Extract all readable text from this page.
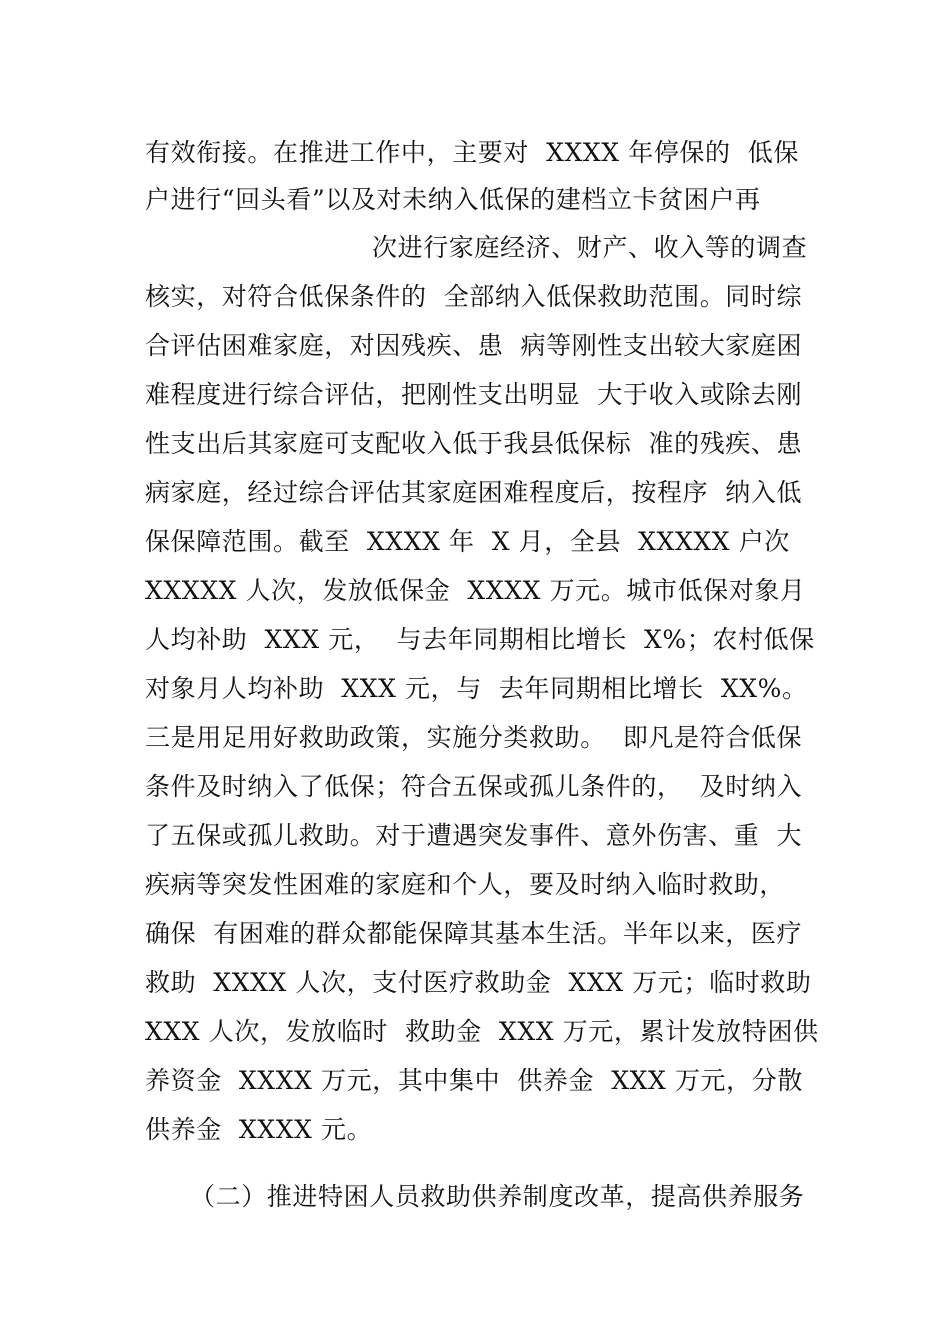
有效衔接。在推进工作中，主要对  XXXX 年停保的  低保
户进行“回头看”以及对未纳入低保的建档立卡贫困户再
次进行家庭经济、财产、收入等的调查
核实，对符合低保条件的  全部纳入低保救助范围。同时综
合评估困难家庭，对因残疾、患  病等刚性支出较大家庭困
难程度进行综合评估，把刚性支出明显  大于收入或除去刚
性支出后其家庭可支配收入低于我县低保标  准的残疾、患
病家庭，经过综合评估其家庭困难程度后，按程序  纳入低
保保障范围。截至  XXXX 年  X 月，全县  XXXXX 户次
XXXXX 人次，发放低保金  XXXX 万元。城市低保对象月
人均补助  XXX 元，  与去年同期相比增长  X%；农村低保
对象月人均补助  XXX 元，与  去年同期相比增长  XX%。
三是用足用好救助政策，实施分类救助。  即凡是符合低保
条件及时纳入了低保；符合五保或孤儿条件的，  及时纳入
了五保或孤儿救助。对于遭遇突发事件、意外伤害、重  大
疾病等突发性困难的家庭和个人，要及时纳入临时救助，
确保  有困难的群众都能保障其基本生活。半年以来，医疗
救助  XXXX 人次，支付医疗救助金  XXX 万元；临时救助
XXX 人次，发放临时  救助金  XXX 万元，累计发放特困供
养资金  XXXX 万元，其中集中  供养金  XXX 万元，分散
供养金  XXXX 元。
（二）推进特困人员救助供养制度改革，提高供养服务
